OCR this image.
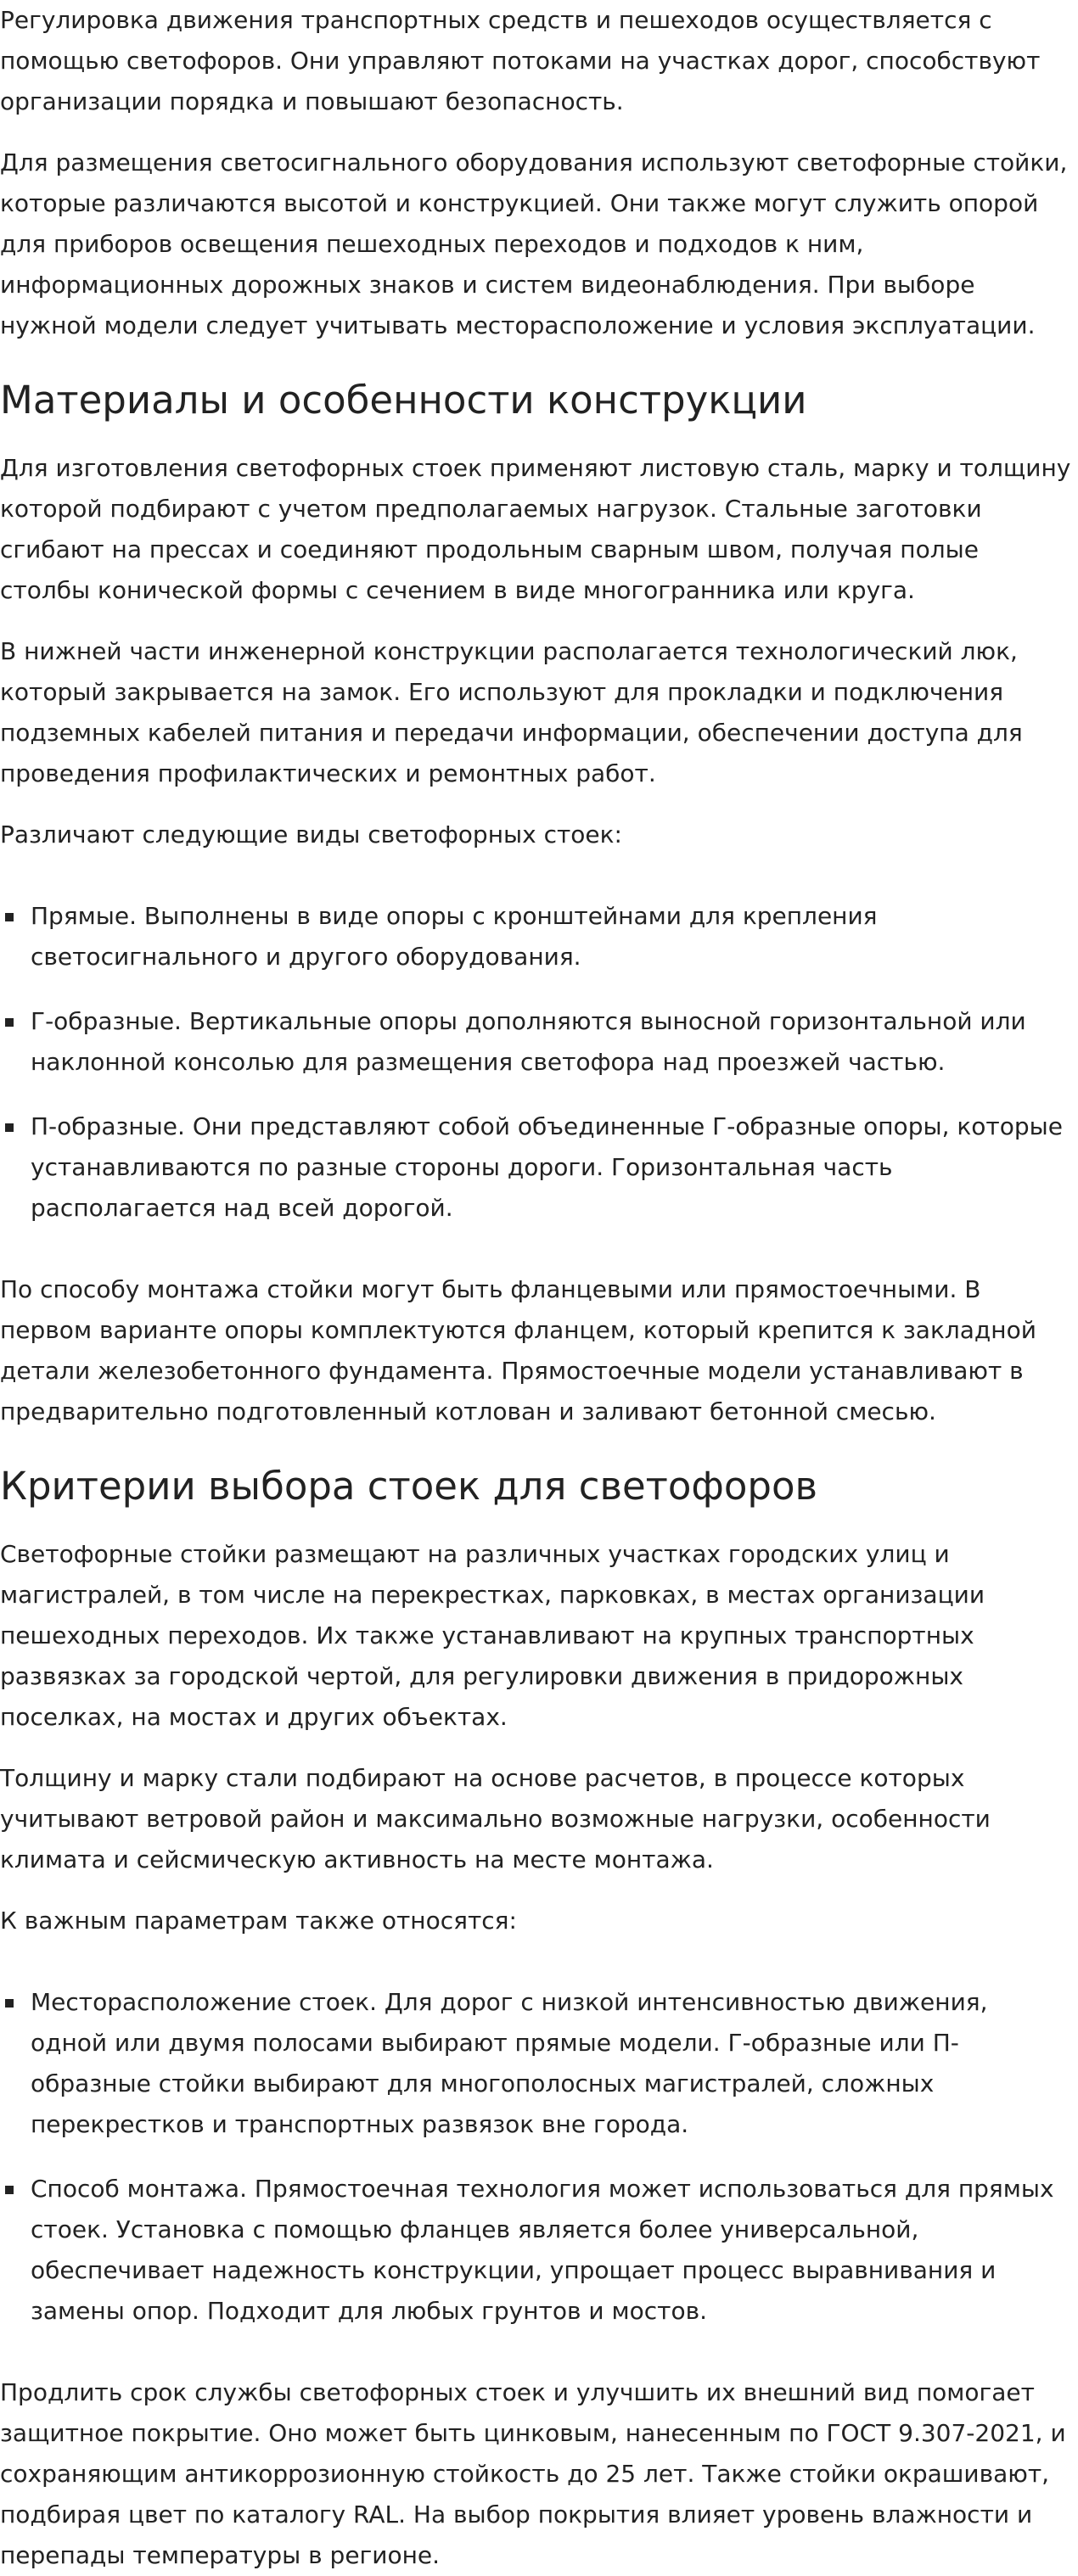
Регулировка движения транспортных средств и пешеходов осуществляется с помощью светофоров. Они управляют потоками на участках дорог, способствуют организации порядка и повышают безопасность.

Для размещения светосигнального оборудования используют светофорные стойки, которые различаются высотой и конструкцией. Они также могут служить опорой для приборов освещения пешеходных переходов и подходов к ним, информационных дорожных знаков и систем видеонаблюдения. При выборе нужной модели следует учитывать месторасположение и условия эксплуатации.

Материалы и особенности конструкции

Для изготовления светофорных стоек применяют листовую сталь, марку и толщину которой подбирают с учетом предполагаемых нагрузок. Стальные заготовки сгибают на прессах и соединяют продольным сварным швом, получая полые столбы конической формы с сечением в виде многогранника или круга.

В нижней части инженерной конструкции располагается технологический люк, который закрывается на замок. Его используют для прокладки и подключения подземных кабелей питания и передачи информации, обеспечении доступа для проведения профилактических и ремонтных работ.

Различают следующие виды светофорных стоек:

Прямые. Выполнены в виде опоры с кронштейнами для крепления светосигнального и другого оборудования.
Г-образные. Вертикальные опоры дополняются выносной горизонтальной или наклонной консолью для размещения светофора над проезжей частью.
П-образные. Они представляют собой объединенные Г-образные опоры, которые устанавливаются по разные стороны дороги. Горизонтальная часть располагается над всей дорогой.

По способу монтажа стойки могут быть фланцевыми или прямостоечными. В первом варианте опоры комплектуются фланцем, который крепится к закладной детали железобетонного фундамента. Прямостоечные модели устанавливают в предварительно подготовленный котлован и заливают бетонной смесью.

Критерии выбора стоек для светофоров

Светофорные стойки размещают на различных участках городских улиц и магистралей, в том числе на перекрестках, парковках, в местах организации пешеходных переходов. Их также устанавливают на крупных транспортных развязках за городской чертой, для регулировки движения в придорожных поселках, на мостах и других объектах.

Толщину и марку стали подбирают на основе расчетов, в процессе которых учитывают ветровой район и максимально возможные нагрузки, особенности климата и сейсмическую активность на месте монтажа.

К важным параметрам также относятся:

Месторасположение стоек. Для дорог с низкой интенсивностью движения, одной или двумя полосами выбирают прямые модели. Г-образные или П-образные стойки выбирают для многополосных магистралей, сложных перекрестков и транспортных развязок вне города.
Способ монтажа. Прямостоечная технология может использоваться для прямых стоек. Установка с помощью фланцев является более универсальной, обеспечивает надежность конструкции, упрощает процесс выравнивания и замены опор. Подходит для любых грунтов и мостов.

Продлить срок службы светофорных стоек и улучшить их внешний вид помогает защитное покрытие. Оно может быть цинковым, нанесенным по ГОСТ 9.307-2021, и сохраняющим антикоррозионную стойкость до 25 лет. Также стойки окрашивают, подбирая цвет по каталогу RAL. На выбор покрытия влияет уровень влажности и перепады температуры в регионе.
